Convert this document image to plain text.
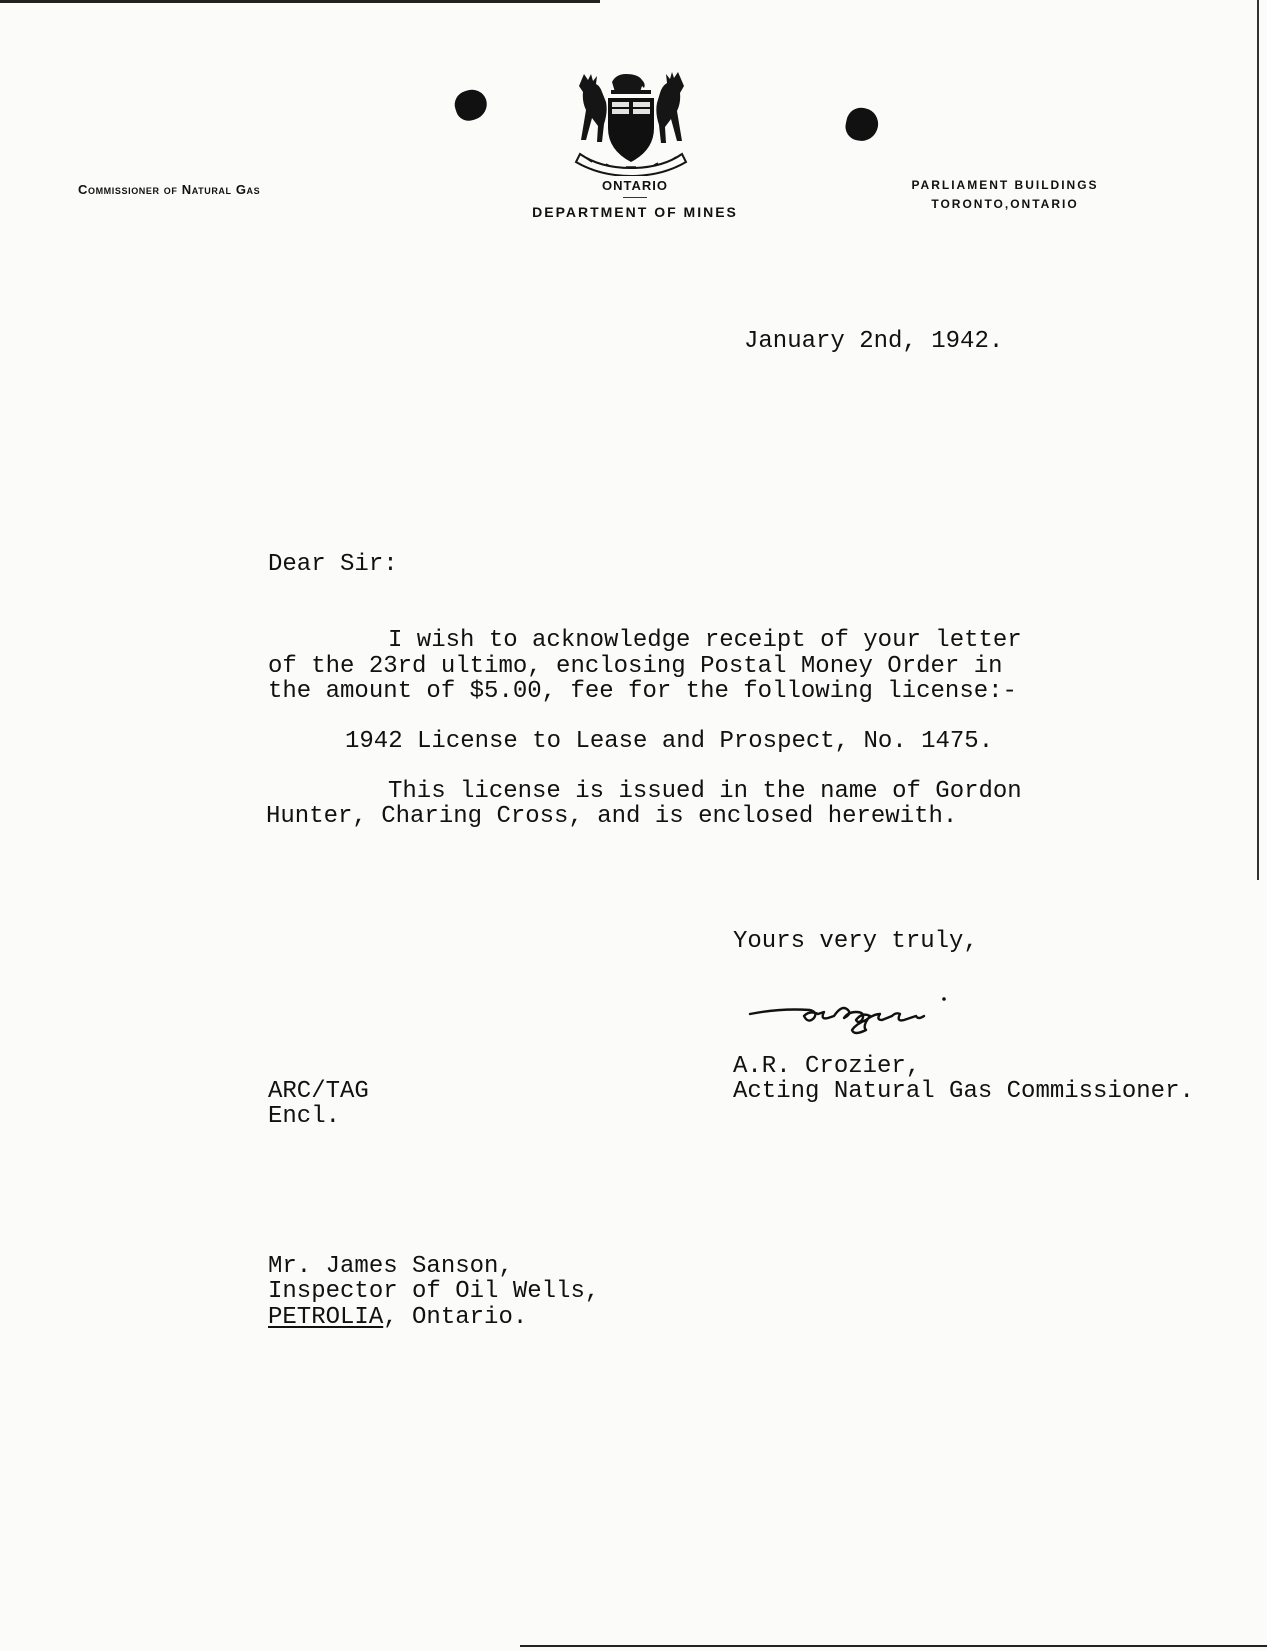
Commissioner of Natural Gas	ONTARIO
DEPARTMENT OF MINES
PARLIAMENT BUILDINGS
TORONTO,ONTARIO
January 2nd, 1942.
Dear Sir:
I wish to acknowledge receipt of your letter
of the 23rd ultimo, enclosing Postal Money Order in
the amount of $5.00, fee for the following license:-
1942 License to Lease and Prospect, No. 1475.
This license is issued in the name of Gordon
Hunter, Charing Cross, and is enclosed herewith.
Yours very truly,
A.R. Crozier,
Acting Natural Gas Commissioner.
ARC/TAG
Encl.
Mr. James Sanson,
Inspector of Oil Wells,
PETROLIA, Ontario.
